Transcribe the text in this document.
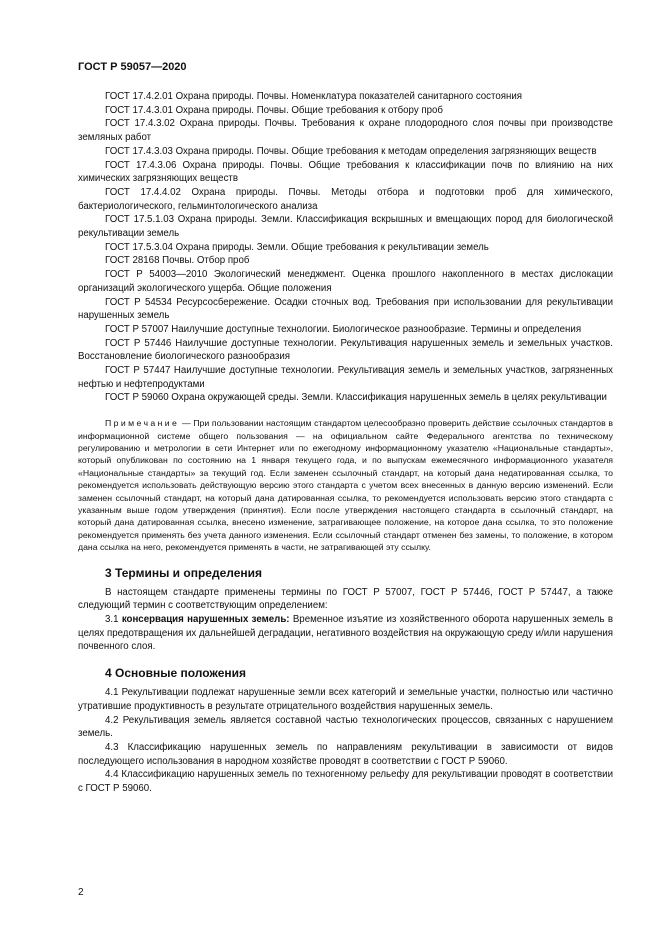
ГОСТ Р 59057—2020

ГОСТ 17.4.2.01 Охрана природы. Почвы. Номенклатура показателей санитарного состояния

ГОСТ 17.4.3.01 Охрана природы. Почвы. Общие требования к отбору проб

ГОСТ 17.4.3.02 Охрана природы. Почвы. Требования к охране плодородного слоя почвы при производстве земляных работ

ГОСТ 17.4.3.03 Охрана природы. Почвы. Общие требования к методам определения загрязняющих веществ

ГОСТ 17.4.3.06 Охрана природы. Почвы. Общие требования к классификации почв по влиянию на них химических загрязняющих веществ

ГОСТ 17.4.4.02 Охрана природы. Почвы. Методы отбора и подготовки проб для химического, бактериологического, гельминтологического анализа

ГОСТ 17.5.1.03 Охрана природы. Земли. Классификация вскрышных и вмещающих пород для биологической рекультивации земель

ГОСТ 17.5.3.04 Охрана природы. Земли. Общие требования к рекультивации земель

ГОСТ 28168 Почвы. Отбор проб

ГОСТ Р 54003—2010 Экологический менеджмент. Оценка прошлого накопленного в местах дислокации организаций экологического ущерба. Общие положения

ГОСТ Р 54534 Ресурсосбережение. Осадки сточных вод. Требования при использовании для рекультивации нарушенных земель

ГОСТ Р 57007 Наилучшие доступные технологии. Биологическое разнообразие. Термины и определения

ГОСТ Р 57446 Наилучшие доступные технологии. Рекультивация нарушенных земель и земельных участков. Восстановление биологического разнообразия

ГОСТ Р 57447 Наилучшие доступные технологии. Рекультивация земель и земельных участков, загрязненных нефтью и нефтепродуктами

ГОСТ Р 59060 Охрана окружающей среды. Земли. Классификация нарушенных земель в целях рекультивации

Примечание — При пользовании настоящим стандартом целесообразно проверить действие ссылочных стандартов в информационной системе общего пользования — на официальном сайте Федерального агентства по техническому регулированию и метрологии в сети Интернет или по ежегодному информационному указателю «Национальные стандарты», который опубликован по состоянию на 1 января текущего года, и по выпускам ежемесячного информационного указателя «Национальные стандарты» за текущий год. Если заменен ссылочный стандарт, на который дана недатированная ссылка, то рекомендуется использовать действующую версию этого стандарта с учетом всех внесенных в данную версию изменений. Если заменен ссылочный стандарт, на который дана датированная ссылка, то рекомендуется использовать версию этого стандарта с указанным выше годом утверждения (принятия). Если после утверждения настоящего стандарта в ссылочный стандарт, на который дана датированная ссылка, внесено изменение, затрагивающее положение, на которое дана ссылка, то это положение рекомендуется применять без учета данного изменения. Если ссылочный стандарт отменен без замены, то положение, в котором дана ссылка на него, рекомендуется применять в части, не затрагивающей эту ссылку.

3 Термины и определения

В настоящем стандарте применены термины по ГОСТ Р 57007, ГОСТ Р 57446, ГОСТ Р 57447, а также следующий термин с соответствующим определением:

3.1 консервация нарушенных земель: Временное изъятие из хозяйственного оборота нарушенных земель в целях предотвращения их дальнейшей деградации, негативного воздействия на окружающую среду и/или нарушения почвенного слоя.

4 Основные положения

4.1 Рекультивации подлежат нарушенные земли всех категорий и земельные участки, полностью или частично утратившие продуктивность в результате отрицательного воздействия нарушенных земель.

4.2 Рекультивация земель является составной частью технологических процессов, связанных с нарушением земель.

4.3 Классификацию нарушенных земель по направлениям рекультивации в зависимости от видов последующего использования в народном хозяйстве проводят в соответствии с ГОСТ Р 59060.

4.4 Классификацию нарушенных земель по техногенному рельефу для рекультивации проводят в соответствии с ГОСТ Р 59060.

2
